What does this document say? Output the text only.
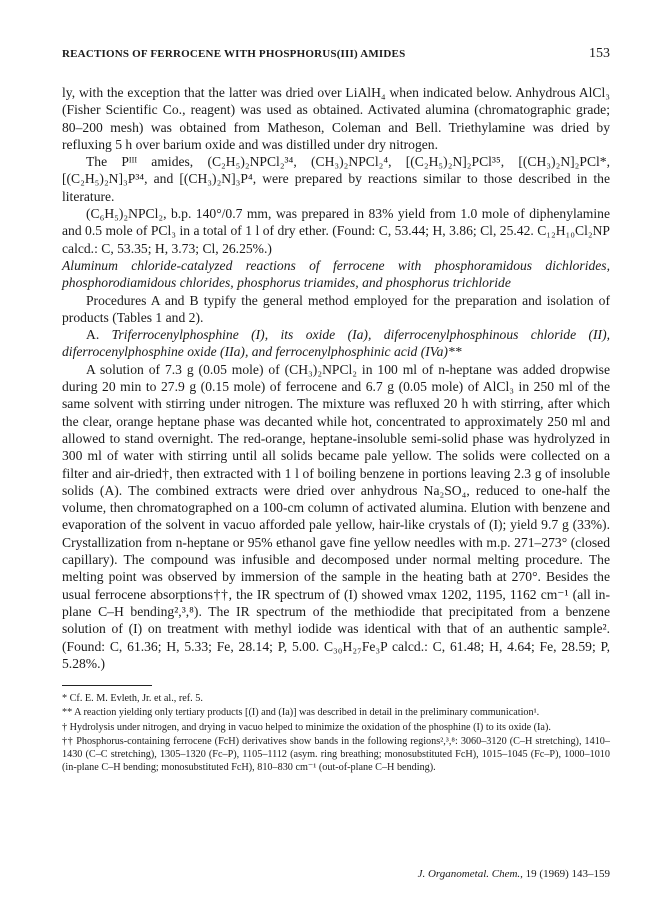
REACTIONS OF FERROCENE WITH PHOSPHORUS(III) AMIDES	153

ly, with the exception that the latter was dried over LiAlH₄ when indicated below. Anhydrous AlCl₃ (Fisher Scientific Co., reagent) was used as obtained. Activated alumina (chromatographic grade; 80–200 mesh) was obtained from Matheson, Coleman and Bell. Triethylamine was dried by refluxing 5 h over barium oxide and was distilled under dry nitrogen.

The Pᴵᴵᴵ amides, (C₂H₅)₂NPCl₂³⁴, (CH₃)₂NPCl₂⁴, [(C₂H₅)₂N]₂PCl³⁵, [(CH₃)₂N]₂PCl*, [(C₂H₅)₂N]₃P³⁴, and [(CH₃)₂N]₃P⁴, were prepared by reactions similar to those described in the literature.

(C₆H₅)₂NPCl₂, b.p. 140°/0.7 mm, was prepared in 83% yield from 1.0 mole of diphenylamine and 0.5 mole of PCl₃ in a total of 1 l of dry ether. (Found: C, 53.44; H, 3.86; Cl, 25.42. C₁₂H₁₀Cl₂NP calcd.: C, 53.35; H, 3.73; Cl, 26.25%.)

Aluminum chloride-catalyzed reactions of ferrocene with phosphoramidous dichlorides, phosphorodiamidous chlorides, phosphorus triamides, and phosphorus trichloride

Procedures A and B typify the general method employed for the preparation and isolation of products (Tables 1 and 2).

A. Triferrocenylphosphine (I), its oxide (Ia), diferrocenylphosphinous chloride (II), diferrocenylphosphine oxide (IIa), and ferrocenylphosphinic acid (IVa)**

A solution of 7.3 g (0.05 mole) of (CH₃)₂NPCl₂ in 100 ml of n-heptane was added dropwise during 20 min to 27.9 g (0.15 mole) of ferrocene and 6.7 g (0.05 mole) of AlCl₃ in 250 ml of the same solvent with stirring under nitrogen. The mixture was refluxed 20 h with stirring, after which the clear, orange heptane phase was decanted while hot, concentrated to approximately 250 ml and allowed to stand overnight. The red-orange, heptane-insoluble semi-solid phase was hydrolyzed in 300 ml of water with stirring until all solids became pale yellow. The solids were collected on a filter and air-dried†, then extracted with 1 l of boiling benzene in portions leaving 2.3 g of insoluble solids (A). The combined extracts were dried over anhydrous Na₂SO₄, reduced to one-half the volume, then chromatographed on a 100-cm column of activated alumina. Elution with benzene and evaporation of the solvent in vacuo afforded pale yellow, hair-like crystals of (I); yield 9.7 g (33%). Crystallization from n-heptane or 95% ethanol gave fine yellow needles with m.p. 271–273° (closed capillary). The compound was infusible and decomposed under normal melting procedure. The melting point was observed by immersion of the sample in the heating bath at 270°. Besides the usual ferrocene absorptions††, the IR spectrum of (I) showed νmax 1202, 1195, 1162 cm⁻¹ (all in-plane C–H bending²,³,⁸). The IR spectrum of the methiodide that precipitated from a benzene solution of (I) on treatment with methyl iodide was identical with that of an authentic sample². (Found: C, 61.36; H, 5.33; Fe, 28.14; P, 5.00. C₃₀H₂₇Fe₃P calcd.: C, 61.48; H, 4.64; Fe, 28.59; P, 5.28%.)

* Cf. E. M. Evleth, Jr. et al., ref. 5.

** A reaction yielding only tertiary products [(I) and (Ia)] was described in detail in the preliminary communication¹.

† Hydrolysis under nitrogen, and drying in vacuo helped to minimize the oxidation of the phosphine (I) to its oxide (Ia).

†† Phosphorus-containing ferrocene (FcH) derivatives show bands in the following regions²,³,⁸: 3060–3120 (C–H stretching), 1410–1430 (C–C stretching), 1305–1320 (Fc–P), 1105–1112 (asym. ring breathing; monosubstituted FcH), 1015–1045 (Fc–P), 1000–1010 (in-plane C–H bending; monosubstituted FcH), 810–830 cm⁻¹ (out-of-plane C–H bending).

J. Organometal. Chem., 19 (1969) 143–159
